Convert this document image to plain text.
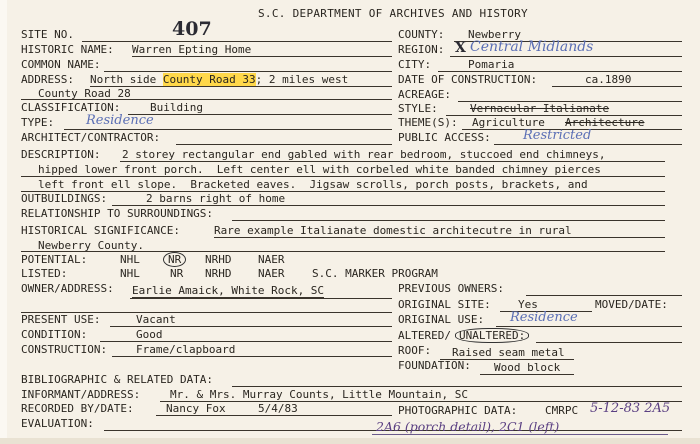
S.C. DEPARTMENT OF ARCHIVES AND HISTORY
SITE NO.	407
HISTORIC NAME: Warren Epting Home
COMMON NAME:
ADDRESS: North side County Road 33; 2 miles west
County Road 28
CLASSIFICATION:	Building
TYPE: Residence
ARCHITECT/CONTRACTOR:
DESCRIPTION: 2 storey rectangular end gabled with rear bedroom, stuccoed end chimneys,
hipped lower front porch.  Left center ell with corbeled white banded chimney pierces
left front ell slope.  Bracketed eaves.  Jigsaw scrolls, porch posts, brackets, and
OUTBUILDINGS:	2 barns right of home
RELATIONSHIP TO SURROUNDINGS:
HISTORICAL SIGNIFICANCE:	Rare example Italianate domestic architecutre in rural
Newberry County.
POTENTIAL:	NHL	NR	NRHD NAER
LISTED:	NHL	NR NRHD NAER	S.C. MARKER PROGRAM
OWNER/ADDRESS: Earlie Amaick, White Rock, SC
PRESENT USE:	Vacant
CONDITION:	Good
CONSTRUCTION:	Frame/clapboard
BIBLIOGRAPHIC & RELATED DATA:
INFORMANT/ADDRESS:	Mr. & Mrs. Murray Counts, Little Mountain, SC
RECORDED BY/DATE:	Nancy Fox	5/4/83
EVALUATION:
COUNTY: Newberry
REGION: X Central Midlands
CITY:	Pomaria
DATE OF CONSTRUCTION:	ca.1890
ACREAGE:
STYLE:	Vernacular Italianate
THEME(S): Agriculture Architecture
PUBLIC ACCESS: Restricted
PREVIOUS OWNERS:
ORIGINAL SITE: Yes	MOVED/DATE:
ORIGINAL USE: Residence
ALTERED/ UNALTERED:
ROOF: Raised seam metal
FOUNDATION: Wood block
PHOTOGRAPHIC DATA:	CMRPC 5-12-83 2A5
2A6 (porch detail), 2C1 (left)
